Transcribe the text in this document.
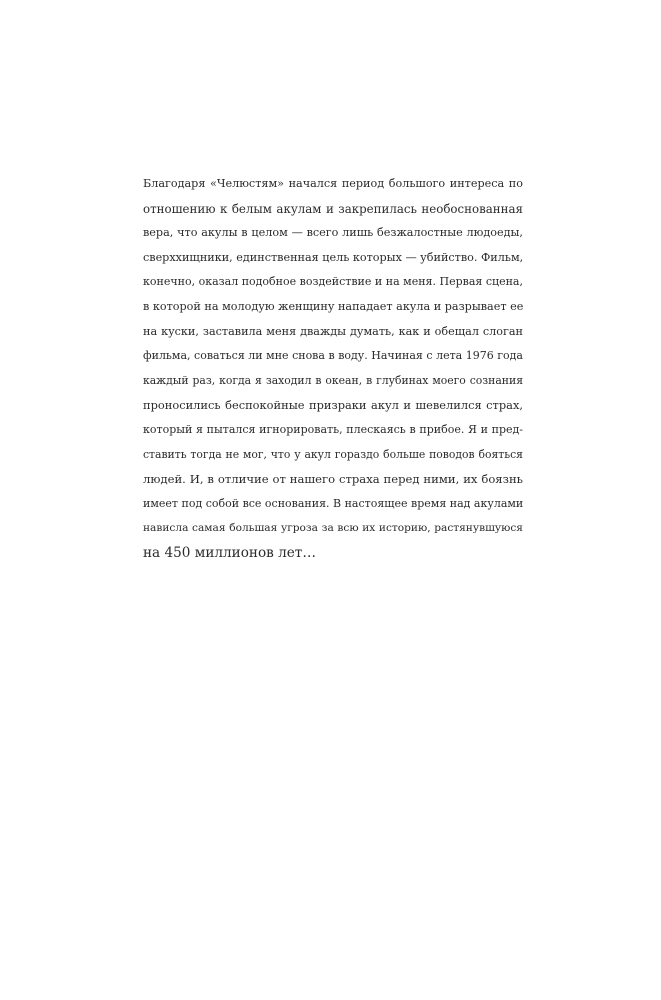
Благодаря «Челюстям» начался период большого интереса по
отношению к белым акулам и закрепилась необоснованная
вера, что акулы в целом — всего лишь безжалостные людоеды,
сверххищники, единственная цель которых — убийство. Фильм,
конечно, оказал подобное воздействие и на меня. Первая сцена,
в которой на молодую женщину нападает акула и разрывает ее
на куски, заставила меня дважды думать, как и обещал слоган
фильма, соваться ли мне снова в воду. Начиная с лета 1976 года
каждый раз, когда я заходил в океан, в глубинах моего сознания
проносились беспокойные призраки акул и шевелился страх,
который я пытался игнорировать, плескаясь в прибое. Я и пред-
ставить тогда не мог, что у акул гораздо больше поводов бояться
людей. И, в отличие от нашего страха перед ними, их боязнь
имеет под собой все основания. В настоящее время над акулами
нависла самая большая угроза за всю их историю, растянувшуюся
на 450 миллионов лет…
